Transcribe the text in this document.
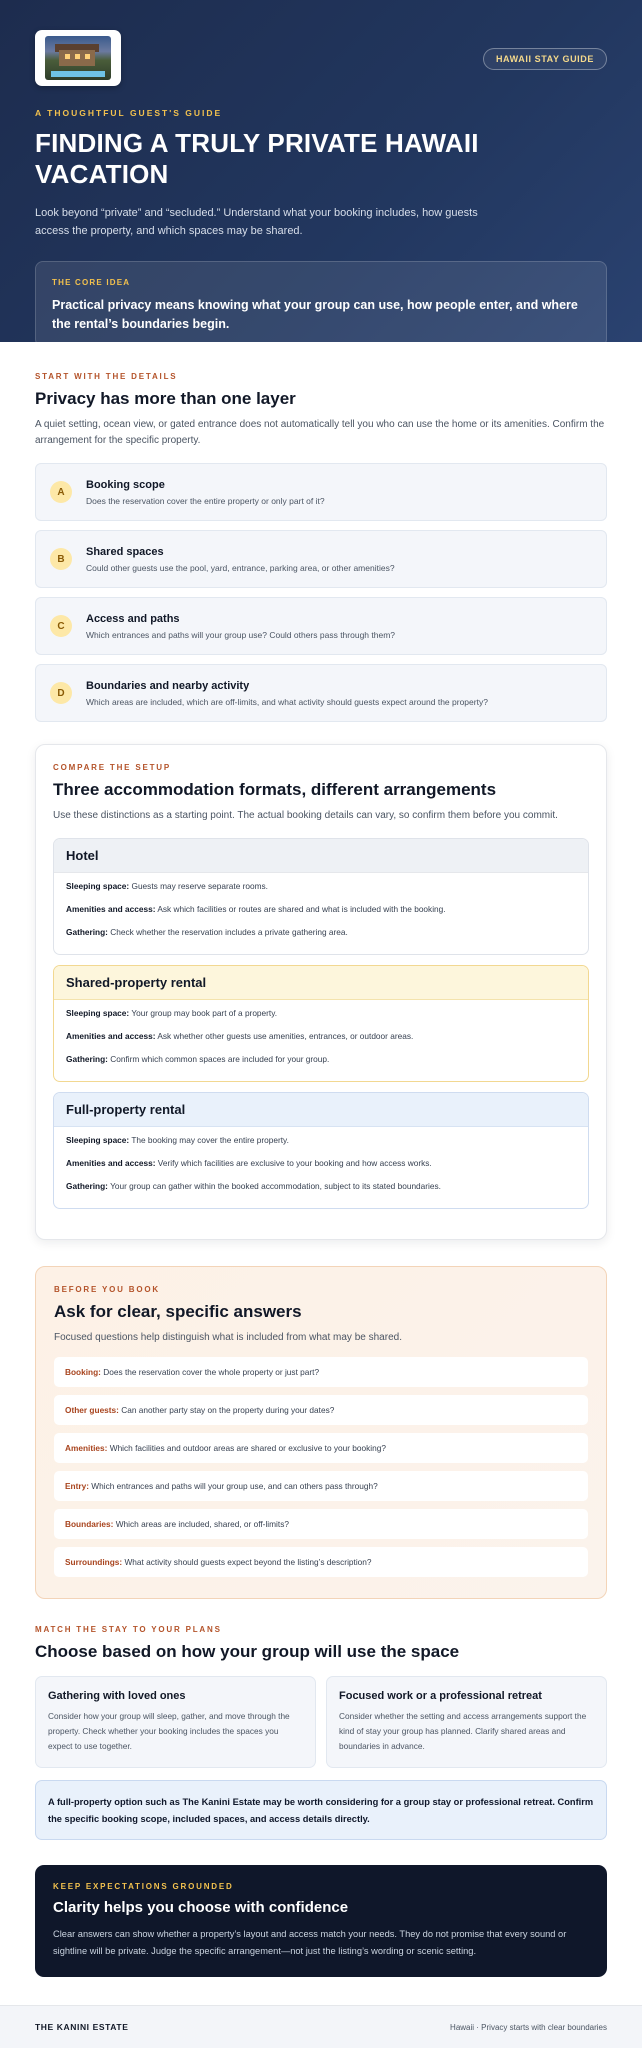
HAWAII STAY GUIDE
A THOUGHTFUL GUEST'S GUIDE
FINDING A TRULY PRIVATE HAWAII VACATION

Look beyond “private” and “secluded.” Understand what your booking includes, how guests access the property, and which spaces may be shared.

THE CORE IDEA
Practical privacy means knowing what your group can use, how people enter, and where the rental’s boundaries begin.
START WITH THE DETAILS
Privacy has more than one layer

A quiet setting, ocean view, or gated entrance does not automatically tell you who can use the home or its amenities. Confirm the arrangement for the specific property.

A
Booking scope
Does the reservation cover the entire property or only part of it?
B
Shared spaces
Could other guests use the pool, yard, entrance, parking area, or other amenities?
C
Access and paths
Which entrances and paths will your group use? Could others pass through them?
D
Boundaries and nearby activity
Which areas are included, which are off-limits, and what activity should guests expect around the property?
COMPARE THE SETUP
Three accommodation formats, different arrangements

Use these distinctions as a starting point. The actual booking details can vary, so confirm them before you commit.

Hotel
Sleeping space: Guests may reserve separate rooms.
Amenities and access: Ask which facilities or routes are shared and what is included with the booking.
Gathering: Check whether the reservation includes a private gathering area.
Shared-property rental
Sleeping space: Your group may book part of a property.
Amenities and access: Ask whether other guests use amenities, entrances, or outdoor areas.
Gathering: Confirm which common spaces are included for your group.
Full-property rental
Sleeping space: The booking may cover the entire property.
Amenities and access: Verify which facilities are exclusive to your booking and how access works.
Gathering: Your group can gather within the booked accommodation, subject to its stated boundaries.
BEFORE YOU BOOK
Ask for clear, specific answers

Focused questions help distinguish what is included from what may be shared.

Booking:
Does the reservation cover the whole property or just part?
Other guests:
Can another party stay on the property during your dates?
Amenities:
Which facilities and outdoor areas are shared or exclusive to your booking?
Entry:
Which entrances and paths will your group use, and can others pass through?
Boundaries:
Which areas are included, shared, or off-limits?
Surroundings:
What activity should guests expect beyond the listing’s description?
MATCH THE STAY TO YOUR PLANS
Choose based on how your group will use the space
Gathering with loved ones
Consider how your group will sleep, gather, and move through the property. Check whether your booking includes the spaces you expect to use together.
Focused work or a professional retreat
Consider whether the setting and access arrangements support the kind of stay your group has planned. Clarify shared areas and boundaries in advance.
A full-property option such as The Kanini Estate may be worth considering for a group stay or professional retreat. Confirm the specific booking scope, included spaces, and access details directly.
KEEP EXPECTATIONS GROUNDED
Clarity helps you choose with confidence
Clear answers can show whether a property’s layout and access match your needs. They do not promise that every sound or sightline will be private. Judge the specific arrangement—not just the listing’s wording or scenic setting.
THE KANINI ESTATE	Hawaii · Privacy starts with clear boundaries
